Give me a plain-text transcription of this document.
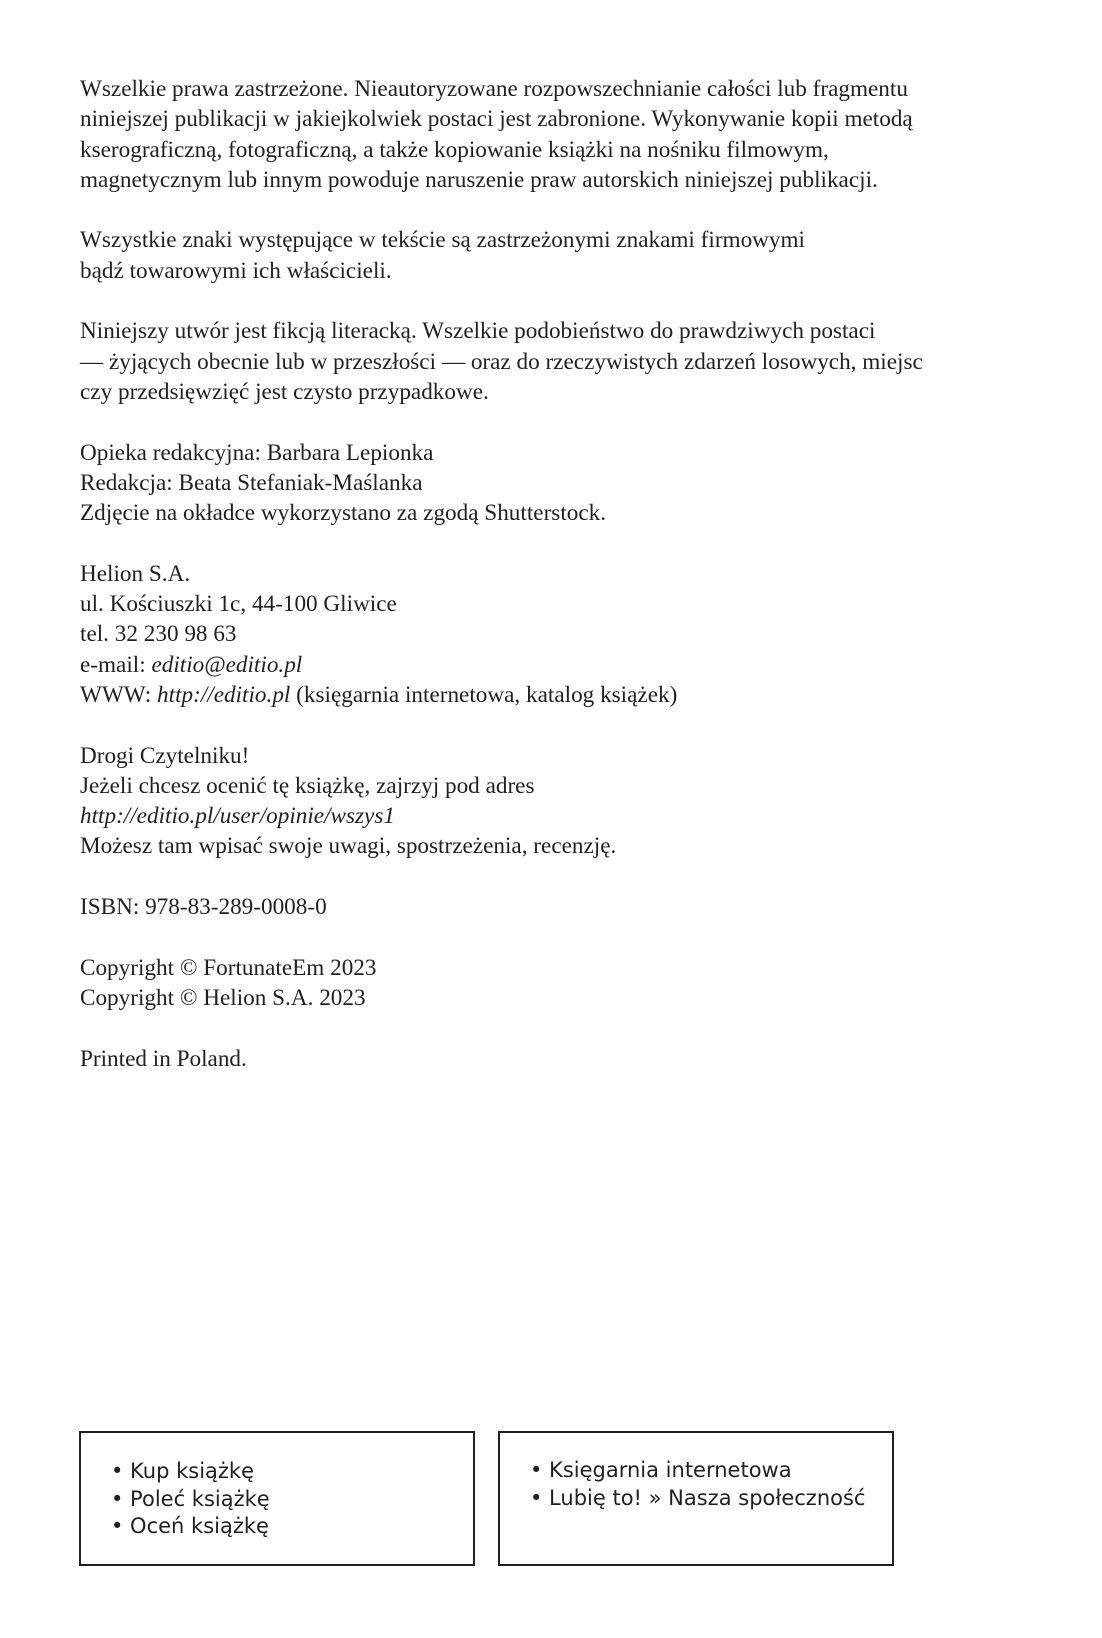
Wszelkie prawa zastrzeżone. Nieautoryzowane rozpowszechnianie całości lub fragmentu
niniejszej publikacji w jakiejkolwiek postaci jest zabronione. Wykonywanie kopii metodą
kserograficzną, fotograficzną, a także kopiowanie książki na nośniku filmowym,
magnetycznym lub innym powoduje naruszenie praw autorskich niniejszej publikacji.

Wszystkie znaki występujące w tekście są zastrzeżonymi znakami firmowymi
bądź towarowymi ich właścicieli.

Niniejszy utwór jest fikcją literacką. Wszelkie podobieństwo do prawdziwych postaci
— żyjących obecnie lub w przeszłości — oraz do rzeczywistych zdarzeń losowych, miejsc
czy przedsięwzięć jest czysto przypadkowe.

Opieka redakcyjna: Barbara Lepionka
Redakcja: Beata Stefaniak-Maślanka
Zdjęcie na okładce wykorzystano za zgodą Shutterstock.

Helion S.A.
ul. Kościuszki 1c, 44-100 Gliwice
tel. 32 230 98 63
e-mail: editio@editio.pl
WWW: http://editio.pl (księgarnia internetowa, katalog książek)

Drogi Czytelniku!
Jeżeli chcesz ocenić tę książkę, zajrzyj pod adres
http://editio.pl/user/opinie/wszys1
Możesz tam wpisać swoje uwagi, spostrzeżenia, recenzję.

ISBN: 978-83-289-0008-0

Copyright © FortunateEm 2023
Copyright © Helion S.A. 2023

Printed in Poland.

• Kup książkę
• Poleć książkę
• Oceń książkę
• Księgarnia internetowa
• Lubię to! » Nasza społeczność
